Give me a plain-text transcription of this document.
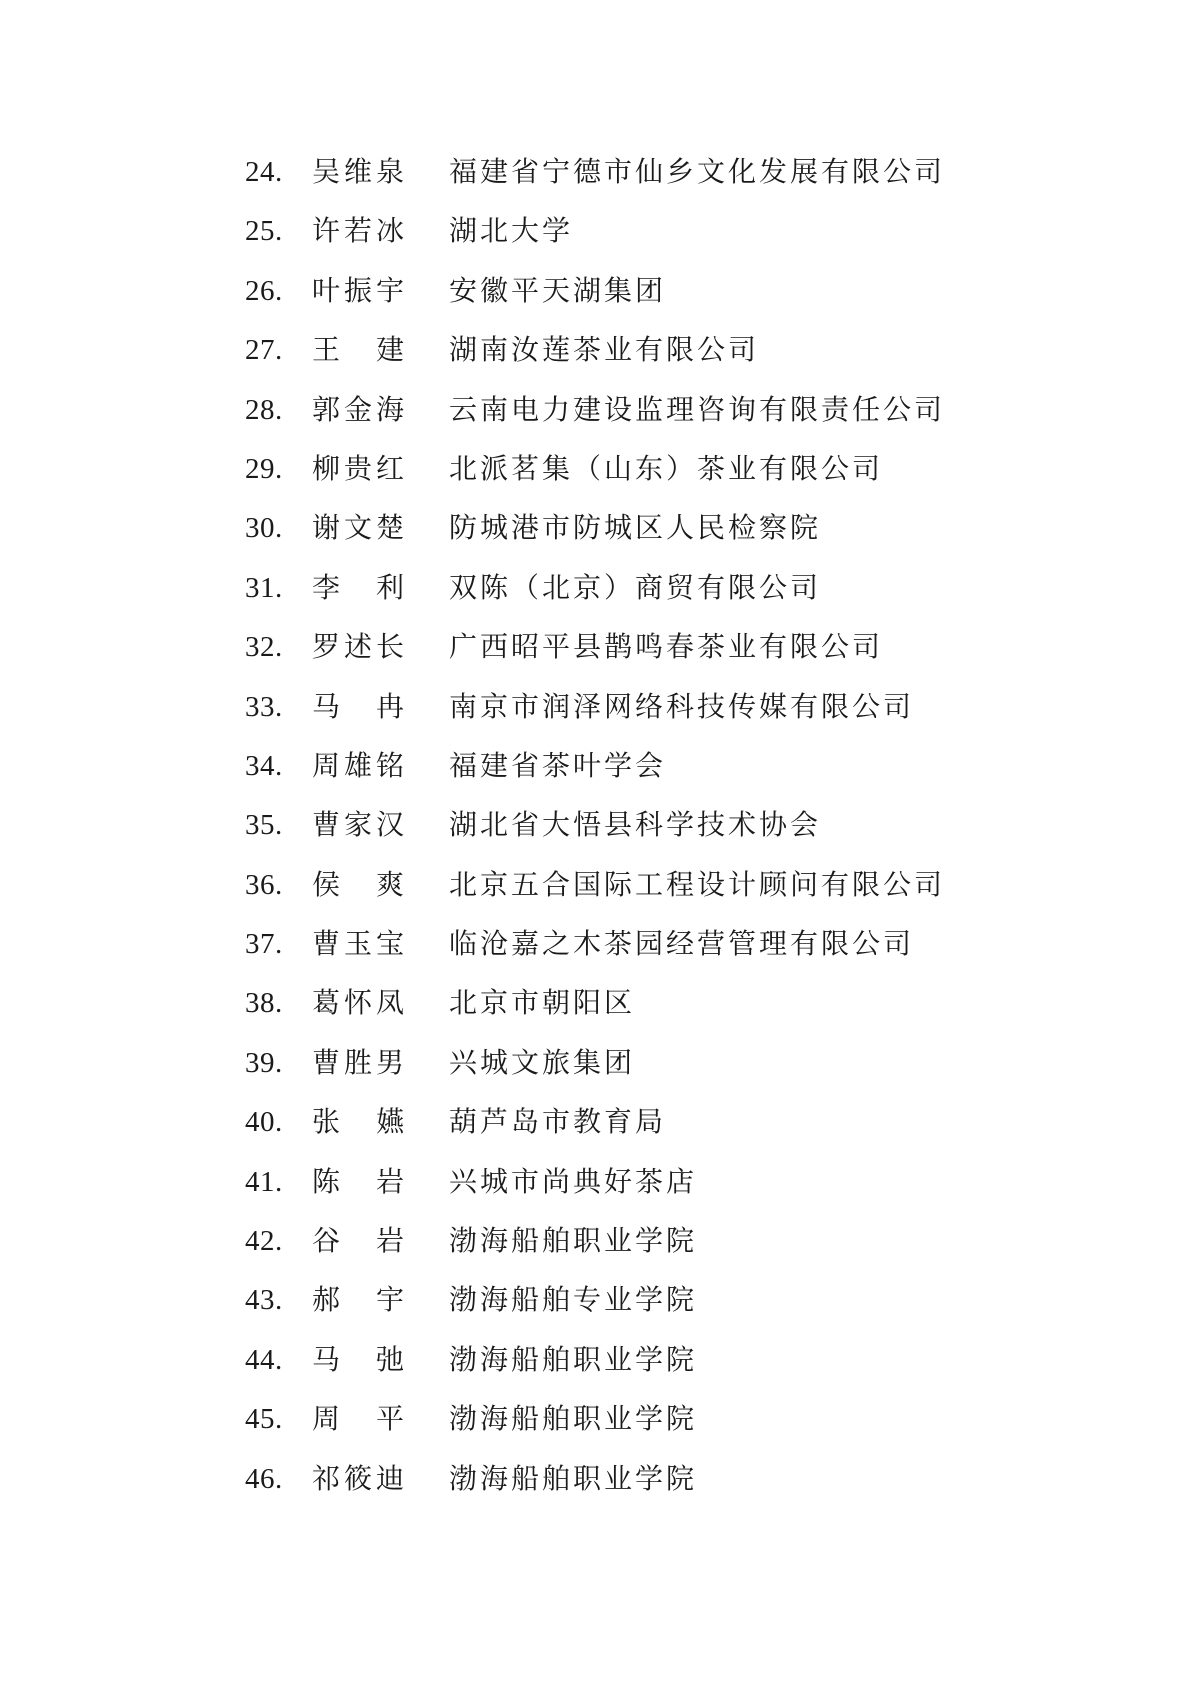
24. 吴 维 泉 福建省宁德市仙乡文化发展有限公司
25. 许 若 冰 湖北大学
26. 叶 振 宇 安徽平天湖集团
27. 王 建 湖南汝莲茶业有限公司
28. 郭 金 海 云南电力建设监理咨询有限责任公司
29. 柳 贵 红 北派茗集（山东）茶业有限公司
30. 谢 文 楚 防城港市防城区人民检察院
31. 李 利 双陈（北京）商贸有限公司
32. 罗 述 长 广西昭平县鹊鸣春茶业有限公司
33. 马 冉 南京市润泽网络科技传媒有限公司
34. 周 雄 铭 福建省茶叶学会
35. 曹 家 汉 湖北省大悟县科学技术协会
36. 侯 爽 北京五合国际工程设计顾问有限公司
37. 曹 玉 宝 临沧嘉之木茶园经营管理有限公司
38. 葛 怀 凤 北京市朝阳区
39. 曹 胜 男 兴城文旅集团
40. 张 嬿 葫芦岛市教育局
41. 陈 岩 兴城市尚典好茶店
42. 谷 岩 渤海船舶职业学院
43. 郝 宇 渤海船舶专业学院
44. 马 弛 渤海船舶职业学院
45. 周 平 渤海船舶职业学院
46. 祁 筱 迪 渤海船舶职业学院
